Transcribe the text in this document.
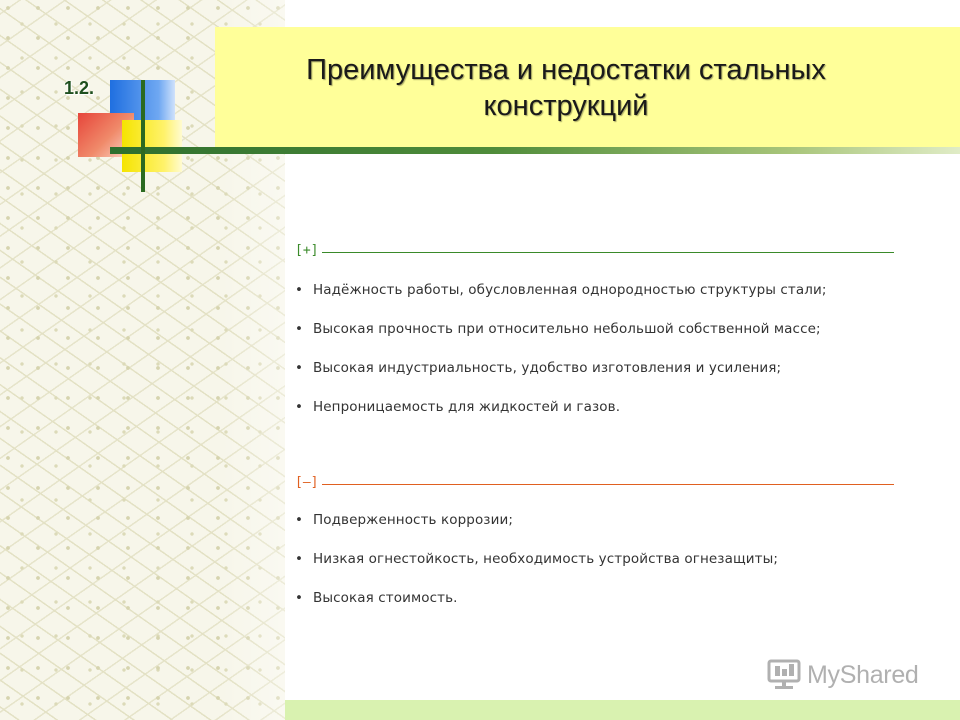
Преимущества и недостатки стальных
конструкций

1.2.

[+]

• Надёжность работы, обусловленная однородностью структуры стали;
• Высокая прочность при относительно небольшой собственной массе;
• Высокая индустриальность, удобство изготовления и усиления;
• Непроницаемость для жидкостей и газов.

[–]

• Подверженность коррозии;
• Низкая огнестойкость, необходимость устройства огнезащиты;
• Высокая стоимость.
MyShared
